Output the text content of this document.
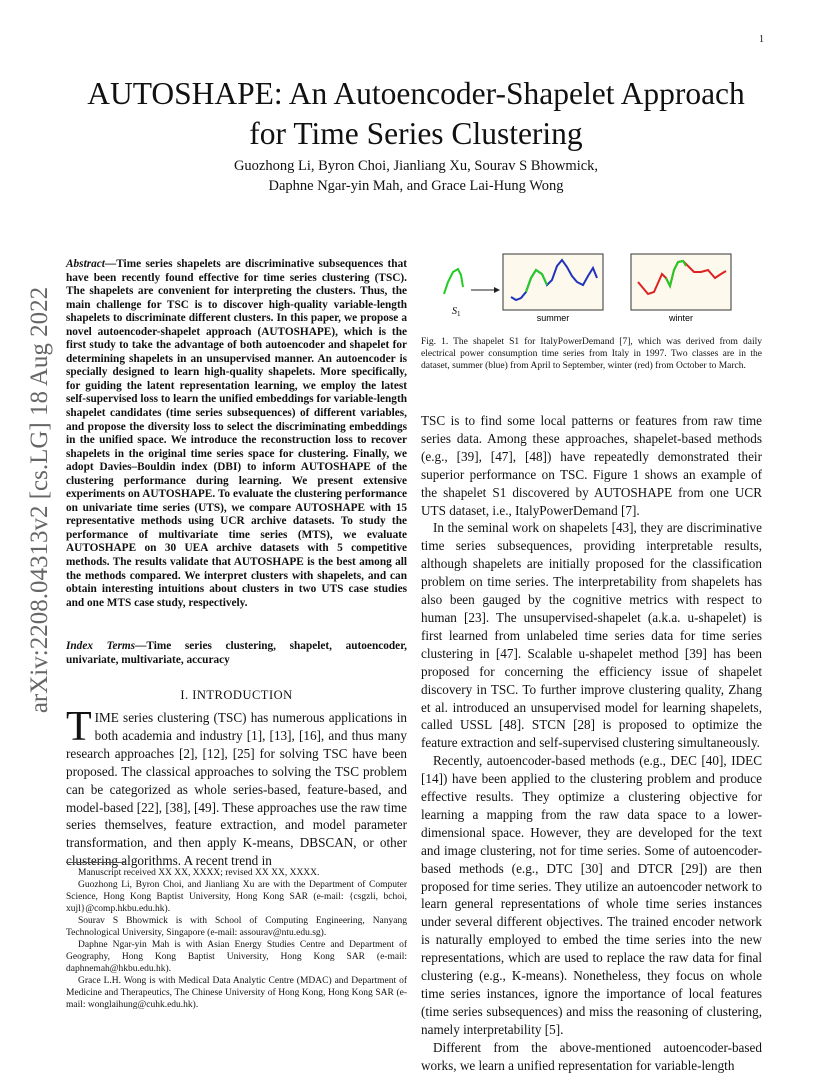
1
arXiv:2208.04313v2 [cs.LG] 18 Aug 2022
AUTOSHAPE: An Autoencoder-Shapelet Approach
for Time Series Clustering
Guozhong Li, Byron Choi, Jianliang Xu, Sourav S Bhowmick,
Daphne Ngar-yin Mah, and Grace Lai-Hung Wong
Abstract—Time series shapelets are discriminative subsequences that have been recently found effective for time series clustering (TSC). The shapelets are convenient for interpreting the clusters. Thus, the main challenge for TSC is to discover high-quality variable-length shapelets to discriminate different clusters. In this paper, we propose a novel autoencoder-shapelet approach (AUTOSHAPE), which is the first study to take the advantage of both autoencoder and shapelet for determining shapelets in an unsupervised manner. An autoencoder is specially designed to learn high-quality shapelets. More specifically, for guiding the latent representation learning, we employ the latest self-supervised loss to learn the unified embeddings for variable-length shapelet candidates (time series subsequences) of different variables, and propose the diversity loss to select the discriminating embeddings in the unified space. We introduce the reconstruction loss to recover shapelets in the original time series space for clustering. Finally, we adopt Davies–Bouldin index (DBI) to inform AUTOSHAPE of the clustering performance during learning. We present extensive experiments on AUTOSHAPE. To evaluate the clustering performance on univariate time series (UTS), we compare AUTOSHAPE with 15 representative methods using UCR archive datasets. To study the performance of multivariate time series (MTS), we evaluate AUTOSHAPE on 30 UEA archive datasets with 5 competitive methods. The results validate that AUTOSHAPE is the best among all the methods compared. We interpret clusters with shapelets, and can obtain interesting intuitions about clusters in two UTS case studies and one MTS case study, respectively.
Index Terms—Time series clustering, shapelet, autoencoder, univariate, multivariate, accuracy
I. INTRODUCTION
TIME series clustering (TSC) has numerous applications in both academia and industry [1], [13], [16], and thus many research approaches [2], [12], [25] for solving TSC have been proposed. The classical approaches to solving the TSC problem can be categorized as whole series-based, feature-based, and model-based [22], [38], [49]. These approaches use the raw time series themselves, feature extraction, and model parameter transformation, and then apply K-means, DBSCAN, or other clustering algorithms. A recent trend in

Manuscript received XX XX, XXXX; revised XX XX, XXXX.

Guozhong Li, Byron Choi, and Jianliang Xu are with the Department of Computer Science, Hong Kong Baptist University, Hong Kong SAR (e-mail: {csgzli, bchoi, xujl}@comp.hkbu.edu.hk).

Sourav S Bhowmick is with School of Computing Engineering, Nanyang Technological University, Singapore (e-mail: assourav@ntu.edu.sg).

Daphne Ngar-yin Mah is with Asian Energy Studies Centre and Department of Geography, Hong Kong Baptist University, Hong Kong SAR (e-mail: daphnemah@hkbu.edu.hk).

Grace L.H. Wong is with Medical Data Analytic Centre (MDAC) and Department of Medicine and Therapeutics, The Chinese University of Hong Kong, Hong Kong SAR (e-mail: wonglaihung@cuhk.edu.hk).

$S_1$	summer	winter
Fig. 1. The shapelet S1 for ItalyPowerDemand [7], which was derived from daily electrical power consumption time series from Italy in 1997. Two classes are in the dataset, summer (blue) from April to September, winter (red) from October to March.

TSC is to find some local patterns or features from raw time series data. Among these approaches, shapelet-based methods (e.g., [39], [47], [48]) have repeatedly demonstrated their superior performance on TSC. Figure 1 shows an example of the shapelet S1 discovered by AUTOSHAPE from one UCR UTS dataset, i.e., ItalyPowerDemand [7].

In the seminal work on shapelets [43], they are discriminative time series subsequences, providing interpretable results, although shapelets are initially proposed for the classification problem on time series. The interpretability from shapelets has also been gauged by the cognitive metrics with respect to human [23]. The unsupervised-shapelet (a.k.a. u-shapelet) is first learned from unlabeled time series data for time series clustering in [47]. Scalable u-shapelet method [39] has been proposed for concerning the efficiency issue of shapelet discovery in TSC. To further improve clustering quality, Zhang et al. introduced an unsupervised model for learning shapelets, called USSL [48]. STCN [28] is proposed to optimize the feature extraction and self-supervised clustering simultaneously.

Recently, autoencoder-based methods (e.g., DEC [40], IDEC [14]) have been applied to the clustering problem and produce effective results. They optimize a clustering objective for learning a mapping from the raw data space to a lower-dimensional space. However, they are developed for the text and image clustering, not for time series. Some of autoencoder-based methods (e.g., DTC [30] and DTCR [29]) are then proposed for time series. They utilize an autoencoder network to learn general representations of whole time series instances under several different objectives. The trained encoder network is naturally employed to embed the time series into the new representations, which are used to replace the raw data for final clustering (e.g., K-means). Nonetheless, they focus on whole time series instances, ignore the importance of local features (time series subsequences) and miss the reasoning of clustering, namely interpretability [5].

Different from the above-mentioned autoencoder-based works, we learn a unified representation for variable-length
